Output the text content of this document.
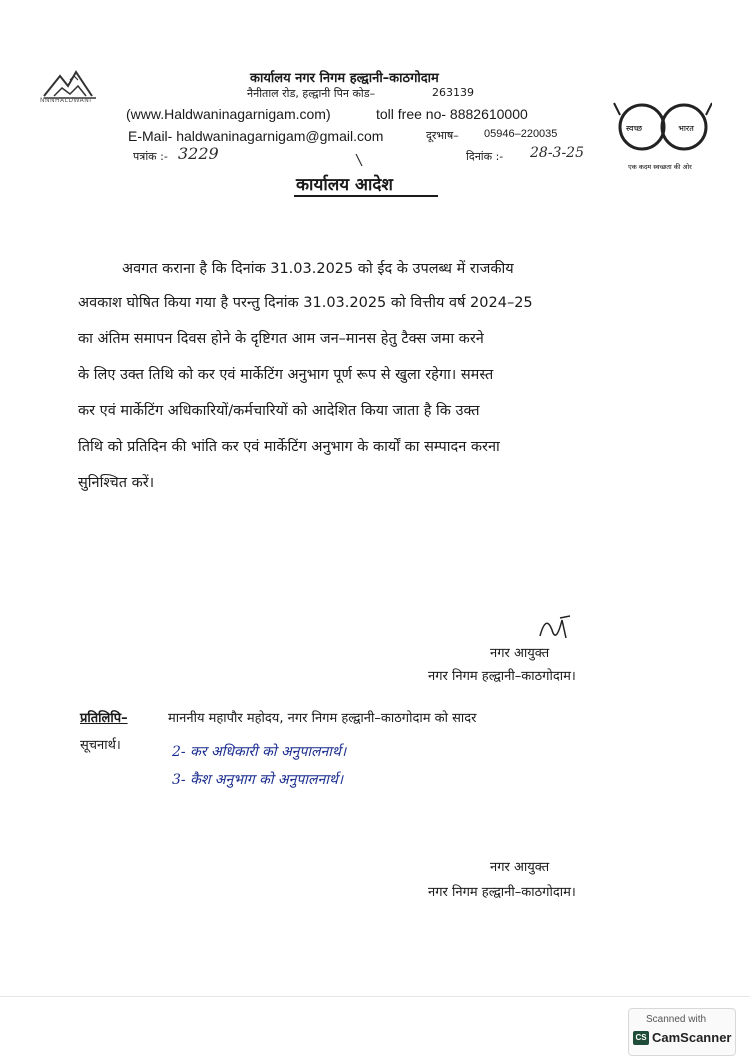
NNNHALDWANI
कार्यालय नगर निगम हल्द्वानी–काठगोदाम
नैनीताल रोड, हल्द्वानी पिन कोड–	263139
(www.Haldwaninagarnigam.com)	toll free no- 8882610000
E-Mail- haldwaninagarnigam@gmail.com	दूरभाष– 05946–220035	स्वच्छ	भारत
एक कदम स्वच्छता की ओर
पत्रांक :- 3229	दिनांक :- 28-3-25
कार्यालय आदेश
अवगत कराना है कि दिनांक 31.03.2025 को ईद के उपलब्ध में राजकीय
अवकाश घोषित किया गया है परन्तु दिनांक 31.03.2025 को वित्तीय वर्ष 2024–25
का अंतिम समापन दिवस होने के दृष्टिगत आम जन–मानस हेतु टैक्स जमा करने
के लिए उक्त तिथि को कर एवं मार्केटिंग अनुभाग पूर्ण रूप से खुला रहेगा। समस्त
कर एवं मार्केटिंग अधिकारियों/कर्मचारियों को आदेशित किया जाता है कि उक्त
तिथि को प्रतिदिन की भांति कर एवं मार्केटिंग अनुभाग के कार्यों का सम्पादन करना
सुनिश्चित करें।
नगर आयुक्त
नगर निगम हल्द्वानी–काठगोदाम।
प्रतिलिपि–	माननीय महापौर महोदय, नगर निगम हल्द्वानी–काठगोदाम को सादर
सूचनार्थ।	2- कर अधिकारी को अनुपालनार्थ।
3- कैश अनुभाग को अनुपालनार्थ।
नगर आयुक्त
नगर निगम हल्द्वानी–काठगोदाम।
Scanned with
CS CamScanner
